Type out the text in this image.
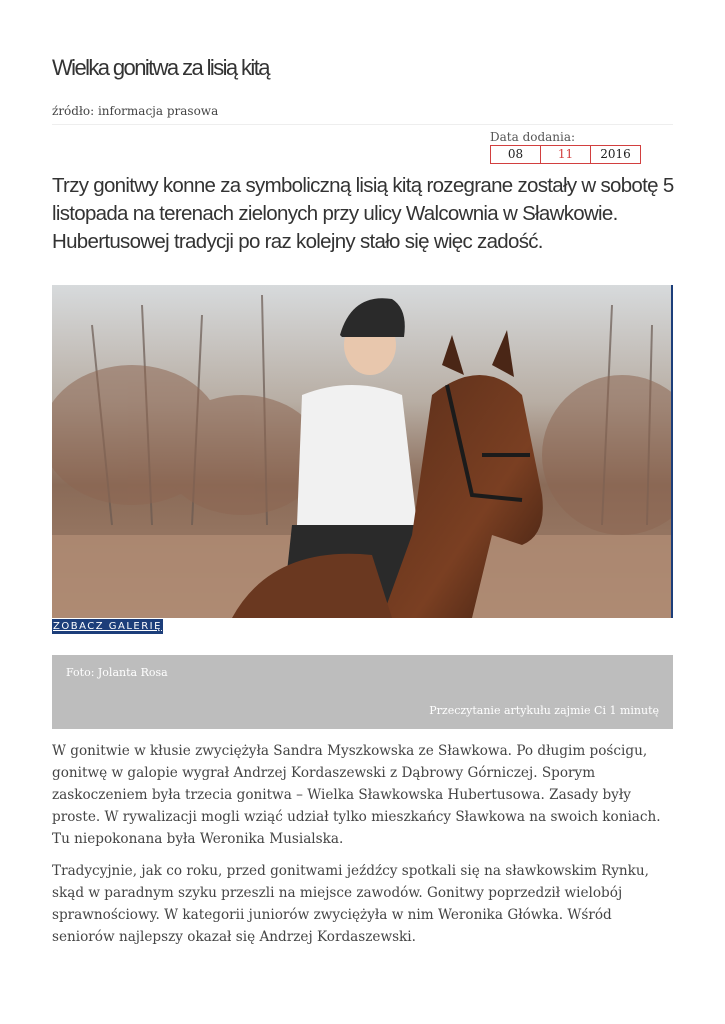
Wielka gonitwa za lisią kitą
źródło: informacja prasowa
Data dodania:
08	11	2016
Trzy gonitwy konne za symboliczną lisią kitą rozegrane zostały w sobotę 5 listopada na terenach zielonych przy ulicy Walcownia w Sławkowie. Hubertusowej tradycji po raz kolejny stało się więc zadość.
ZOBACZ GALERIĘ
Foto: Jolanta Rosa
Przeczytanie artykułu zajmie Ci 1 minutę

W gonitwie w kłusie zwyciężyła Sandra Myszkowska ze Sławkowa. Po długim pościgu, gonitwę w galopie wygrał Andrzej Kordaszewski z Dąbrowy Górniczej. Sporym zaskoczeniem była trzecia gonitwa – Wielka Sławkowska Hubertusowa. Zasady były proste. W rywalizacji mogli wziąć udział tylko mieszkańcy Sławkowa na swoich koniach. Tu niepokonana była Weronika Musialska.

Tradycyjnie, jak co roku, przed gonitwami jeźdźcy spotkali się na sławkowskim Rynku, skąd w paradnym szyku przeszli na miejsce zawodów. Gonitwy poprzedził wielobój sprawnościowy. W kategorii juniorów zwyciężyła w nim Weronika Główka. Wśród seniorów najlepszy okazał się Andrzej Kordaszewski.
